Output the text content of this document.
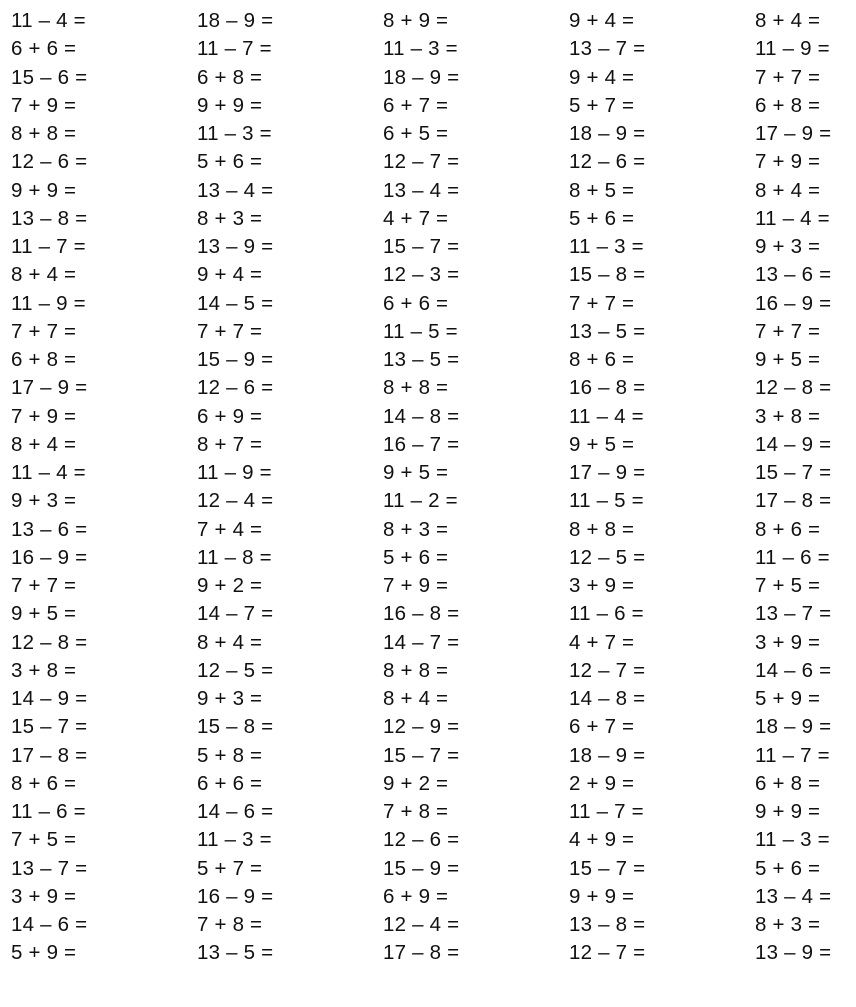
11 – 4 =	18 – 9 =	8 + 9 =	9 + 4 =	8 + 4 =
6 + 6 =	11 – 7 =	11 – 3 =	13 – 7 =	11 – 9 =
15 – 6 =	6 + 8 =	18 – 9 =	9 + 4 =	7 + 7 =
7 + 9 =	9 + 9 =	6 + 7 =	5 + 7 =	6 + 8 =
8 + 8 =	11 – 3 =	6 + 5 =	18 – 9 =	17 – 9 =
12 – 6 =	5 + 6 =	12 – 7 =	12 – 6 =	7 + 9 =
9 + 9 =	13 – 4 =	13 – 4 =	8 + 5 =	8 + 4 =
13 – 8 =	8 + 3 =	4 + 7 =	5 + 6 =	11 – 4 =
11 – 7 =	13 – 9 =	15 – 7 =	11 – 3 =	9 + 3 =
8 + 4 =	9 + 4 =	12 – 3 =	15 – 8 =	13 – 6 =
11 – 9 =	14 – 5 =	6 + 6 =	7 + 7 =	16 – 9 =
7 + 7 =	7 + 7 =	11 – 5 =	13 – 5 =	7 + 7 =
6 + 8 =	15 – 9 =	13 – 5 =	8 + 6 =	9 + 5 =
17 – 9 =	12 – 6 =	8 + 8 =	16 – 8 =	12 – 8 =
7 + 9 =	6 + 9 =	14 – 8 =	11 – 4 =	3 + 8 =
8 + 4 =	8 + 7 =	16 – 7 =	9 + 5 =	14 – 9 =
11 – 4 =	11 – 9 =	9 + 5 =	17 – 9 =	15 – 7 =
9 + 3 =	12 – 4 =	11 – 2 =	11 – 5 =	17 – 8 =
13 – 6 =	7 + 4 =	8 + 3 =	8 + 8 =	8 + 6 =
16 – 9 =	11 – 8 =	5 + 6 =	12 – 5 =	11 – 6 =
7 + 7 =	9 + 2 =	7 + 9 =	3 + 9 =	7 + 5 =
9 + 5 =	14 – 7 =	16 – 8 =	11 – 6 =	13 – 7 =
12 – 8 =	8 + 4 =	14 – 7 =	4 + 7 =	3 + 9 =
3 + 8 =	12 – 5 =	8 + 8 =	12 – 7 =	14 – 6 =
14 – 9 =	9 + 3 =	8 + 4 =	14 – 8 =	5 + 9 =
15 – 7 =	15 – 8 =	12 – 9 =	6 + 7 =	18 – 9 =
17 – 8 =	5 + 8 =	15 – 7 =	18 – 9 =	11 – 7 =
8 + 6 =	6 + 6 =	9 + 2 =	2 + 9 =	6 + 8 =
11 – 6 =	14 – 6 =	7 + 8 =	11 – 7 =	9 + 9 =
7 + 5 =	11 – 3 =	12 – 6 =	4 + 9 =	11 – 3 =
13 – 7 =	5 + 7 =	15 – 9 =	15 – 7 =	5 + 6 =
3 + 9 =	16 – 9 =	6 + 9 =	9 + 9 =	13 – 4 =
14 – 6 =	7 + 8 =	12 – 4 =	13 – 8 =	8 + 3 =
5 + 9 =	13 – 5 =	17 – 8 =	12 – 7 =	13 – 9 =
